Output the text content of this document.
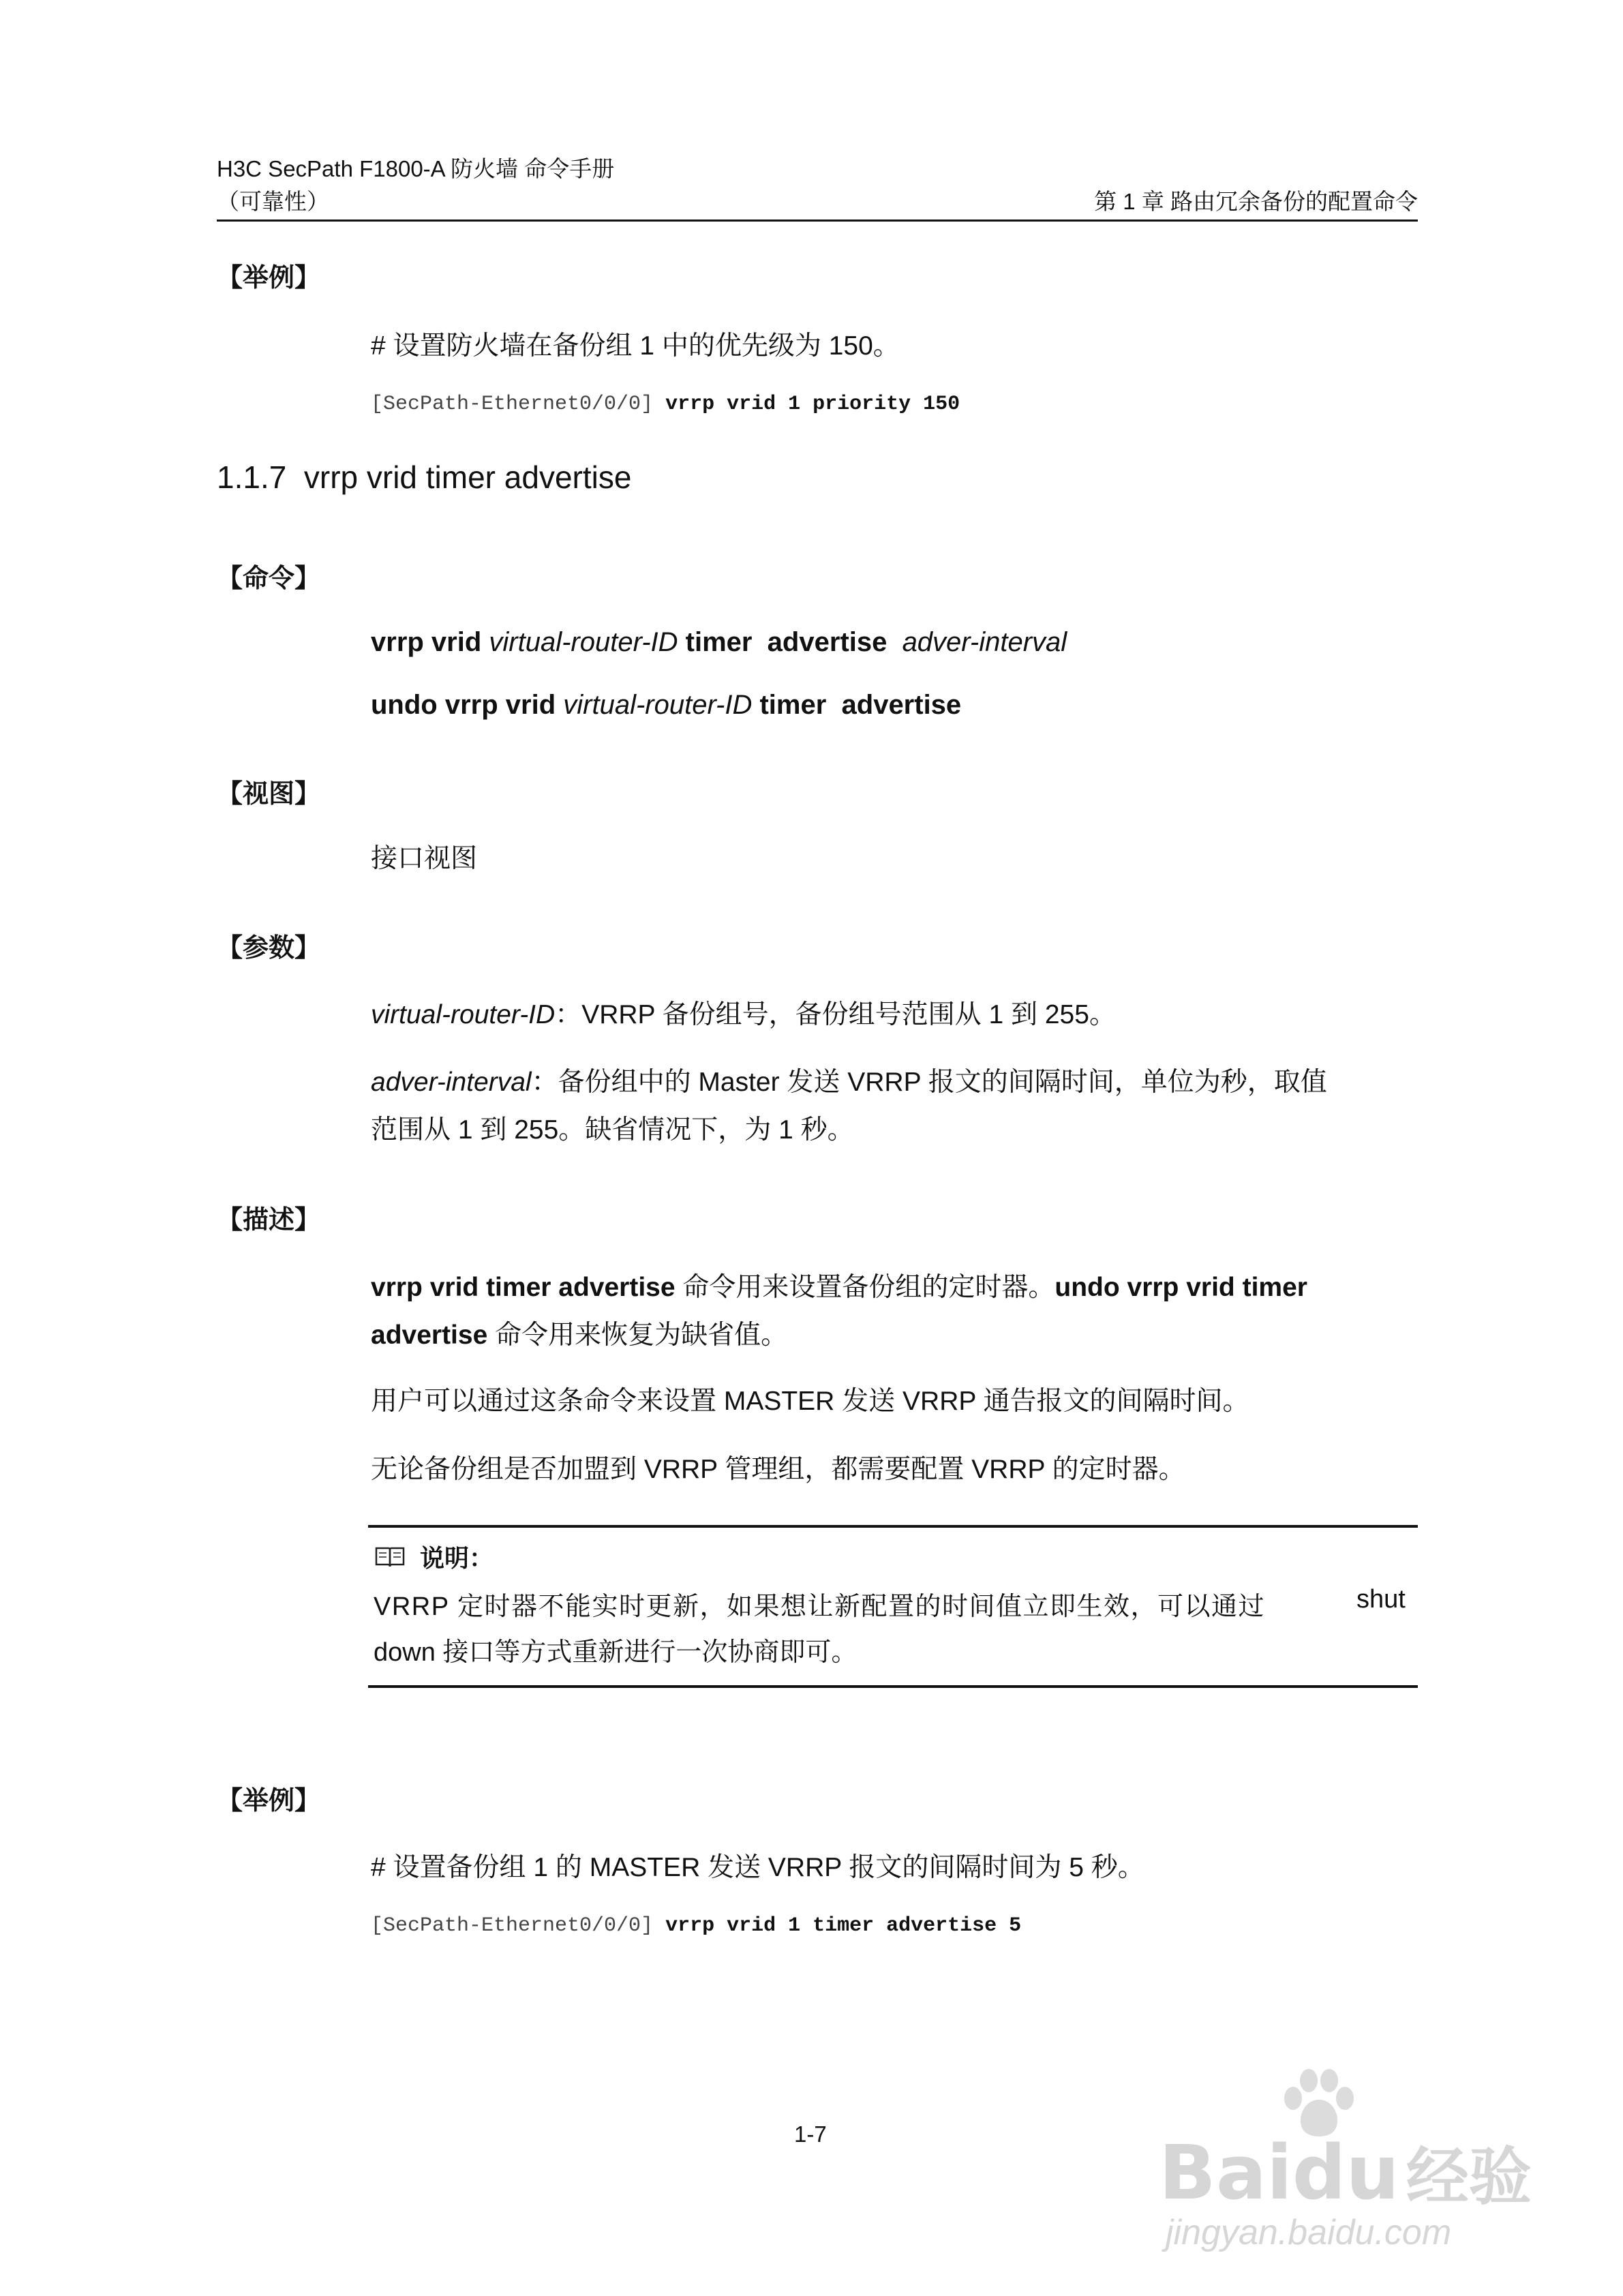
H3C SecPath F1800-A 防火墙 命令手册
（可靠性）	第 1 章 路由冗余备份的配置命令
【举例】
# 设置防火墙在备份组 1 中的优先级为 150。
[SecPath-Ethernet0/0/0] vrrp vrid 1 priority 150
1.1.7 vrrp vrid timer advertise
【命令】
vrrp vrid virtual-router-ID timer  advertise  adver-interval
undo vrrp vrid virtual-router-ID timer  advertise
【视图】
接口视图
【参数】
virtual-router-ID：VRRP 备份组号，备份组号范围从 1 到 255。
adver-interval：备份组中的 Master 发送 VRRP 报文的间隔时间，单位为秒，取值
范围从 1 到 255。缺省情况下，为 1 秒。
【描述】
vrrp vrid timer advertise 命令用来设置备份组的定时器。undo vrrp vrid timer
advertise 命令用来恢复为缺省值。
用户可以通过这条命令来设置 MASTER 发送 VRRP 通告报文的间隔时间。
无论备份组是否加盟到 VRRP 管理组，都需要配置 VRRP 的定时器。
说明：
VRRP 定时器不能实时更新，如果想让新配置的时间值立即生效，可以通过	shut
down 接口等方式重新进行一次协商即可。
【举例】
# 设置备份组 1 的 MASTER 发送 VRRP 报文的间隔时间为 5 秒。
[SecPath-Ethernet0/0/0] vrrp vrid 1 timer advertise 5
1-7	Baidu 经验
jingyan.baidu.com
